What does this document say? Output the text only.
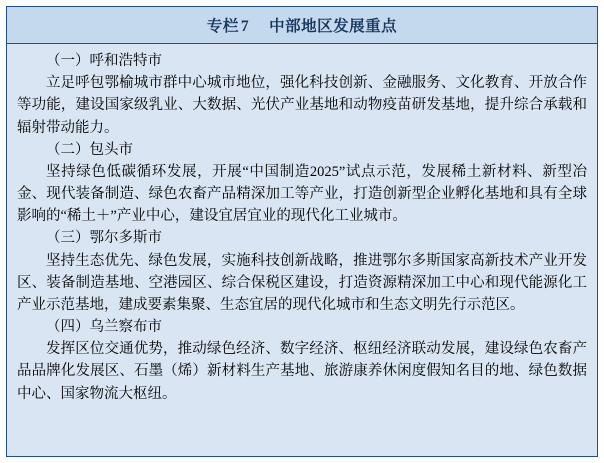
专栏 7 中部地区发展重点

（一）呼和浩特市

立足呼包鄂榆城市群中心城市地位，强化科技创新、金融服务、文化教育、开放合作等功能，建设国家级乳业、大数据、光伏产业基地和动物疫苗研发基地，提升综合承载和辐射带动能力。

（二）包头市

坚持绿色低碳循环发展，开展“中国制造2025”试点示范，发展稀土新材料、新型冶金、现代装备制造、绿色农畜产品精深加工等产业，打造创新型企业孵化基地和具有全球影响的“稀土＋”产业中心，建设宜居宜业的现代化工业城市。

（三）鄂尔多斯市

坚持生态优先、绿色发展，实施科技创新战略，推进鄂尔多斯国家高新技术产业开发区、装备制造基地、空港园区、综合保税区建设，打造资源精深加工中心和现代能源化工产业示范基地，建成要素集聚、生态宜居的现代化城市和生态文明先行示范区。

（四）乌兰察布市

发挥区位交通优势，推动绿色经济、数字经济、枢纽经济联动发展，建设绿色农畜产品品牌化发展区、石墨（烯）新材料生产基地、旅游康养休闲度假知名目的地、绿色数据中心、国家物流大枢纽。
